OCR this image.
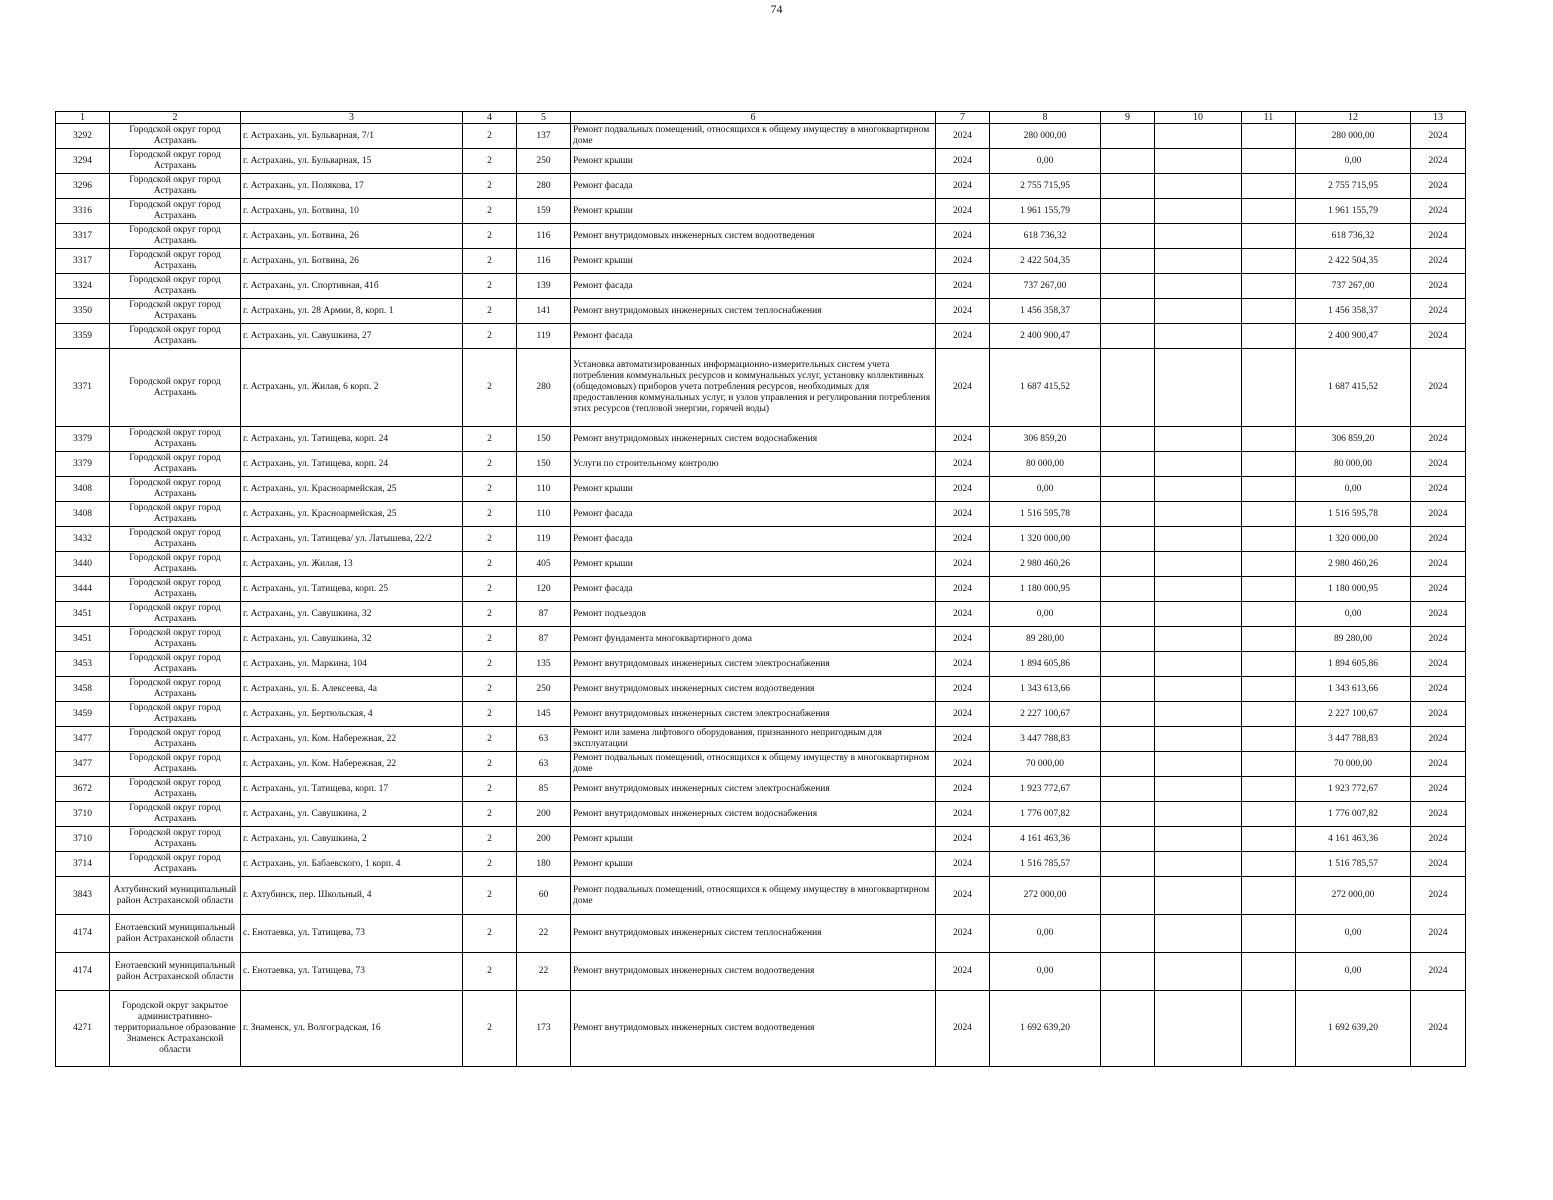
74
1	2	3	4	5	6	7	8	9	10	11	12	13
3292	Городской округ город Астрахань	г. Астрахань, ул. Бульварная, 7/1	2	137	Ремонт подвальных помещений, относящихся к общему имуществу в многоквартирном доме	2024	280 000,00				280 000,00	2024
3294	Городской округ город Астрахань	г. Астрахань, ул. Бульварная, 15	2	250	Ремонт крыши	2024	0,00				0,00	2024
3296	Городской округ город Астрахань	г. Астрахань, ул. Полякова, 17	2	280	Ремонт фасада	2024	2 755 715,95				2 755 715,95	2024
3316	Городской округ город Астрахань	г. Астрахань, ул. Ботвина, 10	2	159	Ремонт крыши	2024	1 961 155,79				1 961 155,79	2024
3317	Городской округ город Астрахань	г. Астрахань, ул. Ботвина, 26	2	116	Ремонт внутридомовых инженерных систем водоотведения	2024	618 736,32				618 736,32	2024
3317	Городской округ город Астрахань	г. Астрахань, ул. Ботвина, 26	2	116	Ремонт крыши	2024	2 422 504,35				2 422 504,35	2024
3324	Городской округ город Астрахань	г. Астрахань, ул. Спортивная, 41б	2	139	Ремонт фасада	2024	737 267,00				737 267,00	2024
3350	Городской округ город Астрахань	г. Астрахань, ул. 28 Армии, 8, корп. 1	2	141	Ремонт внутридомовых инженерных систем теплоснабжения	2024	1 456 358,37				1 456 358,37	2024
3359	Городской округ город Астрахань	г. Астрахань, ул. Савушкина, 27	2	119	Ремонт фасада	2024	2 400 900,47				2 400 900,47	2024
3371	Городской округ город Астрахань	г. Астрахань, ул. Жилая, 6 корп. 2	2	280	Установка автоматизированных информационно-измерительных систем учета потребления коммунальных ресурсов и коммунальных услуг, установку коллективных (общедомовых) приборов учета потребления ресурсов, необходимых для предоставления коммунальных услуг, и узлов управления и регулирования потребления этих ресурсов (тепловой энергии, горячей воды)	2024	1 687 415,52				1 687 415,52	2024
3379	Городской округ город Астрахань	г. Астрахань, ул. Татищева, корп. 24	2	150	Ремонт внутридомовых инженерных систем водоснабжения	2024	306 859,20				306 859,20	2024
3379	Городской округ город Астрахань	г. Астрахань, ул. Татищева, корп. 24	2	150	Услуги по строительному контролю	2024	80 000,00				80 000,00	2024
3408	Городской округ город Астрахань	г. Астрахань, ул. Красноармейская, 25	2	110	Ремонт крыши	2024	0,00				0,00	2024
3408	Городской округ город Астрахань	г. Астрахань, ул. Красноармейская, 25	2	110	Ремонт фасада	2024	1 516 595,78				1 516 595,78	2024
3432	Городской округ город Астрахань	г. Астрахань, ул. Татищева/ ул. Латышева, 22/2	2	119	Ремонт фасада	2024	1 320 000,00				1 320 000,00	2024
3440	Городской округ город Астрахань	г. Астрахань, ул. Жилая, 13	2	405	Ремонт крыши	2024	2 980 460,26				2 980 460,26	2024
3444	Городской округ город Астрахань	г. Астрахань, ул. Татищева, корп. 25	2	120	Ремонт фасада	2024	1 180 000,95				1 180 000,95	2024
3451	Городской округ город Астрахань	г. Астрахань, ул. Савушкина, 32	2	87	Ремонт подъездов	2024	0,00				0,00	2024
3451	Городской округ город Астрахань	г. Астрахань, ул. Савушкина, 32	2	87	Ремонт фундамента многоквартирного дома	2024	89 280,00				89 280,00	2024
3453	Городской округ город Астрахань	г. Астрахань, ул. Маркина, 104	2	135	Ремонт внутридомовых инженерных систем электроснабжения	2024	1 894 605,86				1 894 605,86	2024
3458	Городской округ город Астрахань	г. Астрахань, ул. Б. Алексеева, 4а	2	250	Ремонт внутридомовых инженерных систем водоотведения	2024	1 343 613,66				1 343 613,66	2024
3459	Городской округ город Астрахань	г. Астрахань, ул. Бертюльская, 4	2	145	Ремонт внутридомовых инженерных систем электроснабжения	2024	2 227 100,67				2 227 100,67	2024
3477	Городской округ город Астрахань	г. Астрахань, ул. Ком. Набережная, 22	2	63	Ремонт или замена лифтового оборудования, признанного непригодным для эксплуатации	2024	3 447 788,83				3 447 788,83	2024
3477	Городской округ город Астрахань	г. Астрахань, ул. Ком. Набережная, 22	2	63	Ремонт подвальных помещений, относящихся к общему имуществу в многоквартирном доме	2024	70 000,00				70 000,00	2024
3672	Городской округ город Астрахань	г. Астрахань, ул. Татищева, корп. 17	2	85	Ремонт внутридомовых инженерных систем электроснабжения	2024	1 923 772,67				1 923 772,67	2024
3710	Городской округ город Астрахань	г. Астрахань, ул. Савушкина, 2	2	200	Ремонт внутридомовых инженерных систем водоснабжения	2024	1 776 007,82				1 776 007,82	2024
3710	Городской округ город Астрахань	г. Астрахань, ул. Савушкина, 2	2	200	Ремонт крыши	2024	4 161 463,36				4 161 463,36	2024
3714	Городской округ город Астрахань	г. Астрахань, ул. Бабаевского, 1 корп. 4	2	180	Ремонт крыши	2024	1 516 785,57				1 516 785,57	2024
3843	Ахтубинский муниципальный район Астраханской области	г. Ахтубинск, пер. Школьный, 4	2	60	Ремонт подвальных помещений, относящихся к общему имуществу в многоквартирном доме	2024	272 000,00				272 000,00	2024
4174	Енотаевский муниципальный район Астраханской области	с. Енотаевка, ул. Татищева, 73	2	22	Ремонт внутридомовых инженерных систем теплоснабжения	2024	0,00				0,00	2024
4174	Енотаевский муниципальный район Астраханской области	с. Енотаевка, ул. Татищева, 73	2	22	Ремонт внутридомовых инженерных систем водоотведения	2024	0,00				0,00	2024
4271	Городской округ закрытое административно-территориальное образование Знаменск Астраханской области	г. Знаменск, ул. Волгоградская, 16	2	173	Ремонт внутридомовых инженерных систем водоотведения	2024	1 692 639,20				1 692 639,20	2024
